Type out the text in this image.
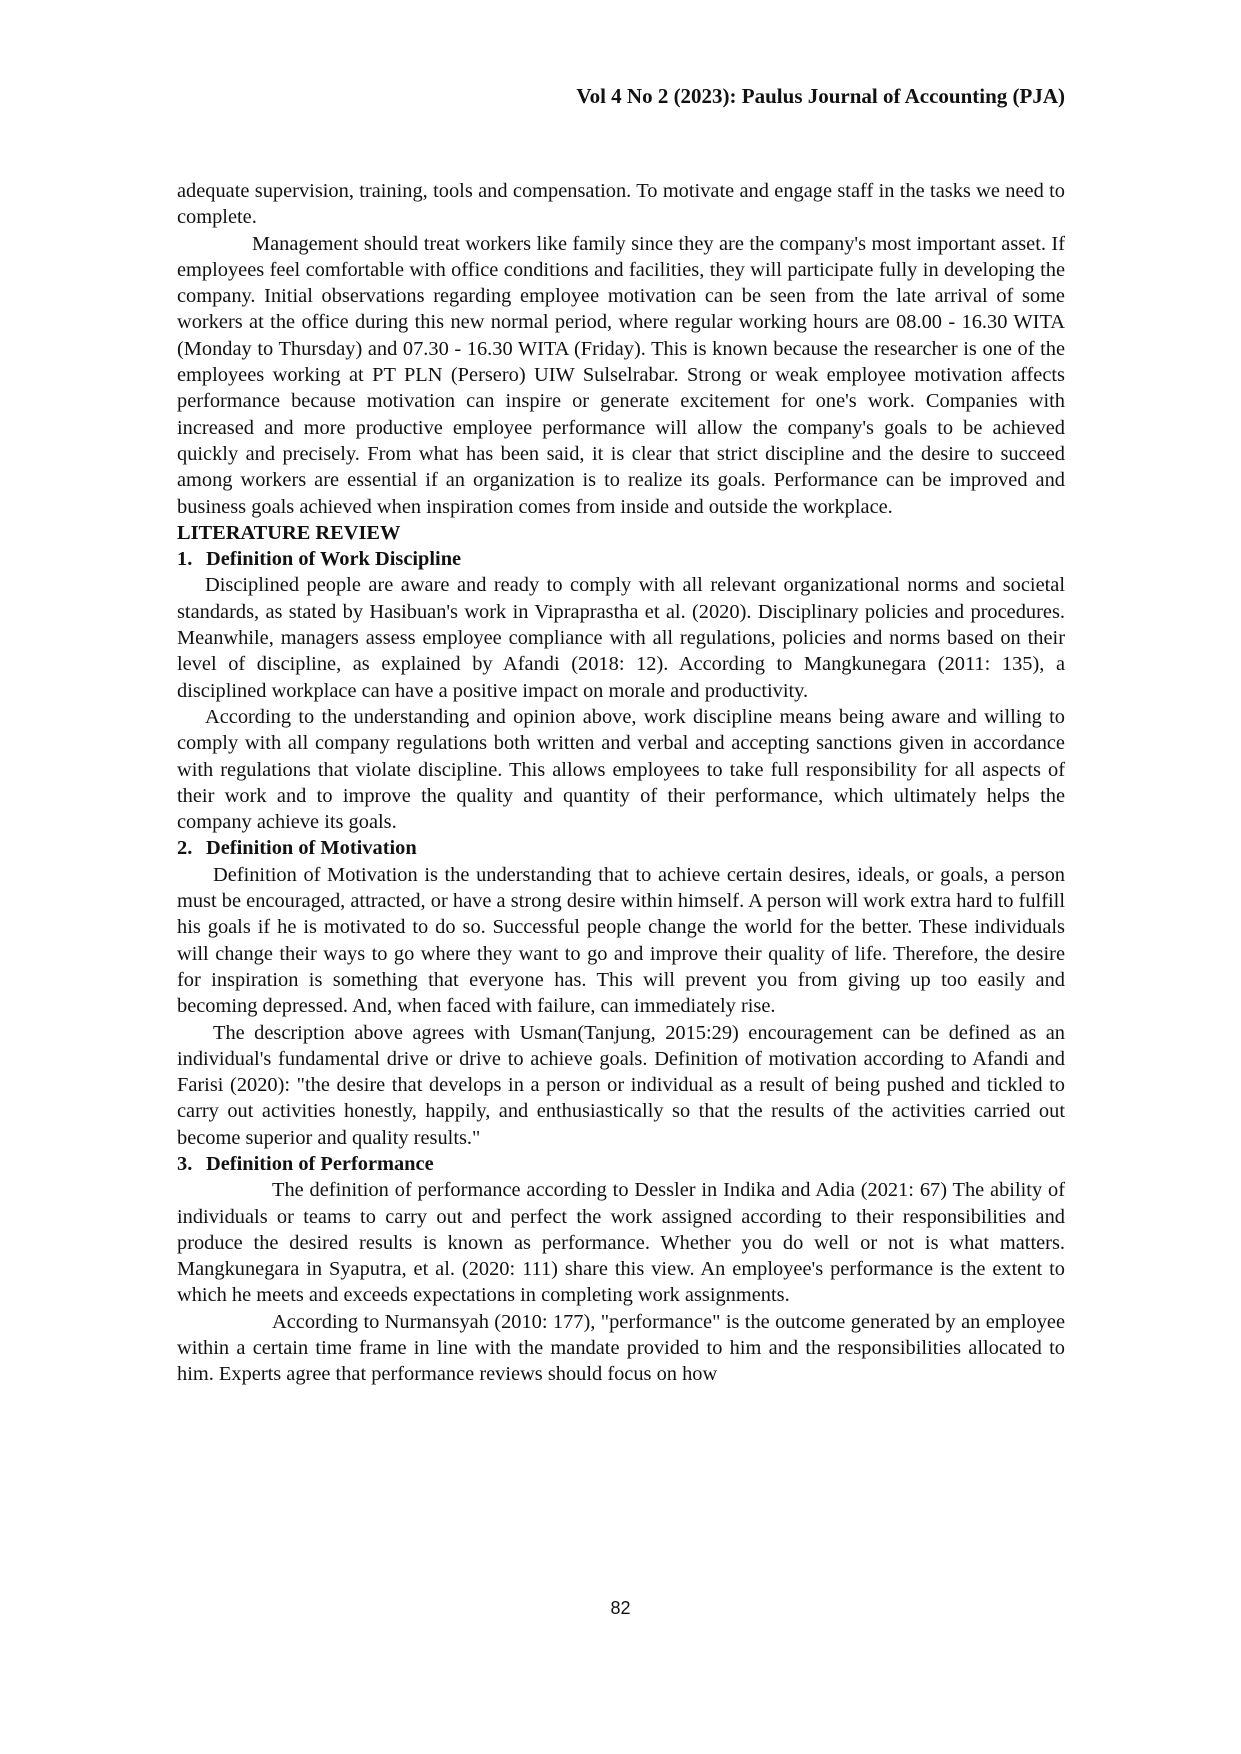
Vol 4 No 2 (2023): Paulus Journal of Accounting (PJA)

adequate supervision, training, tools and compensation. To motivate and engage staff in the tasks we need to complete.

Management should treat workers like family since they are the company's most important asset. If employees feel comfortable with office conditions and facilities, they will participate fully in developing the company. Initial observations regarding employee motivation can be seen from the late arrival of some workers at the office during this new normal period, where regular working hours are 08.00 - 16.30 WITA (Monday to Thursday) and 07.30 - 16.30 WITA (Friday). This is known because the researcher is one of the employees working at PT PLN (Persero) UIW Sulselrabar. Strong or weak employee motivation affects performance because motivation can inspire or generate excitement for one's work. Companies with increased and more productive employee performance will allow the company's goals to be achieved quickly and precisely. From what has been said, it is clear that strict discipline and the desire to succeed among workers are essential if an organization is to realize its goals. Performance can be improved and business goals achieved when inspiration comes from inside and outside the workplace.

LITERATURE REVIEW

1. Definition of Work Discipline

Disciplined people are aware and ready to comply with all relevant organizational norms and societal standards, as stated by Hasibuan's work in Vipraprastha et al. (2020). Disciplinary policies and procedures. Meanwhile, managers assess employee compliance with all regulations, policies and norms based on their level of discipline, as explained by Afandi (2018: 12). According to Mangkunegara (2011: 135), a disciplined workplace can have a positive impact on morale and productivity.

According to the understanding and opinion above, work discipline means being aware and willing to comply with all company regulations both written and verbal and accepting sanctions given in accordance with regulations that violate discipline. This allows employees to take full responsibility for all aspects of their work and to improve the quality and quantity of their performance, which ultimately helps the company achieve its goals.

2. Definition of Motivation

Definition of Motivation is the understanding that to achieve certain desires, ideals, or goals, a person must be encouraged, attracted, or have a strong desire within himself. A person will work extra hard to fulfill his goals if he is motivated to do so. Successful people change the world for the better. These individuals will change their ways to go where they want to go and improve their quality of life. Therefore, the desire for inspiration is something that everyone has. This will prevent you from giving up too easily and becoming depressed. And, when faced with failure, can immediately rise.

The description above agrees with Usman(Tanjung, 2015:29) encouragement can be defined as an individual's fundamental drive or drive to achieve goals. Definition of motivation according to Afandi and Farisi (2020): "the desire that develops in a person or individual as a result of being pushed and tickled to carry out activities honestly, happily, and enthusiastically so that the results of the activities carried out become superior and quality results."

3. Definition of Performance

The definition of performance according to Dessler in Indika and Adia (2021: 67) The ability of individuals or teams to carry out and perfect the work assigned according to their responsibilities and produce the desired results is known as performance. Whether you do well or not is what matters. Mangkunegara in Syaputra, et al. (2020: 111) share this view. An employee's performance is the extent to which he meets and exceeds expectations in completing work assignments.

According to Nurmansyah (2010: 177), "performance" is the outcome generated by an employee within a certain time frame in line with the mandate provided to him and the responsibilities allocated to him. Experts agree that performance reviews should focus on how

82
